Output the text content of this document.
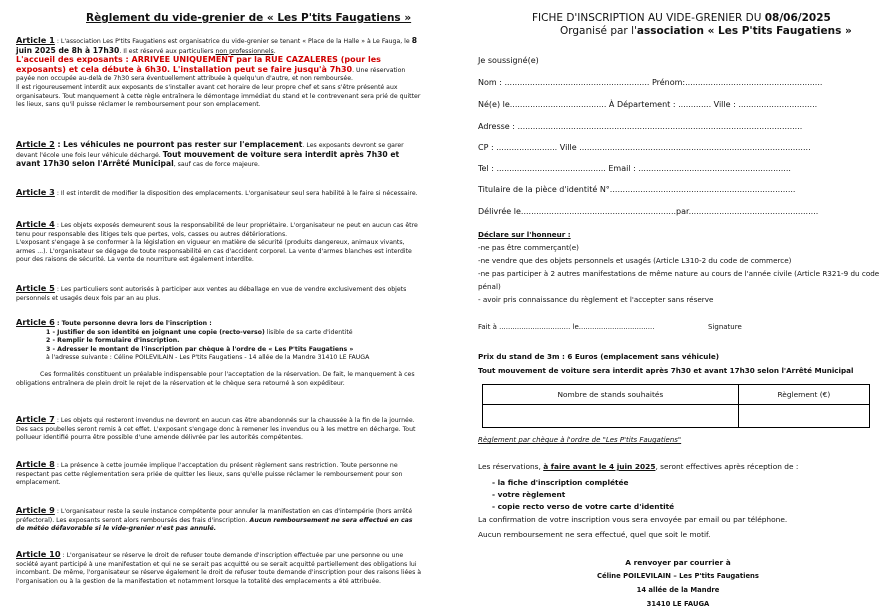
Règlement du vide-grenier de « Les P'tits Faugatiens »
Article 1 : L'association Les P'tits Faugatiens est organisatrice du vide-grenier se tenant « Place de la Halle » à Le Fauga, le 8 juin 2025 de 8h à 17h30. Il est réservé aux particuliers non professionnels.
L'accueil des exposants : ARRIVEE UNIQUEMENT par la RUE CAZALERES (pour les exposants) et cela débute à 6h30. L'installation peut se faire jusqu'à 7h30. Une réservation payée non occupée au-delà de 7h30 sera éventuellement attribuée à quelqu'un d'autre, et non remboursée.
Il est rigoureusement interdit aux exposants de s'installer avant cet horaire de leur propre chef et sans s'être présenté aux organisateurs. Tout manquement à cette règle entraînera le démontage immédiat du stand et le contrevenant sera prié de quitter les lieux, sans qu'il puisse réclamer le remboursement pour son emplacement.
Article 2 : Les véhicules ne pourront pas rester sur l'emplacement. Les exposants devront se garer devant l'école une fois leur véhicule déchargé. Tout mouvement de voiture sera interdit après 7h30 et avant 17h30 selon l'Arrêté Municipal, sauf cas de force majeure.
Article 3 : Il est interdit de modifier la disposition des emplacements. L'organisateur seul sera habilité à le faire si nécessaire.
Article 4 : Les objets exposés demeurent sous la responsabilité de leur propriétaire. L'organisateur ne peut en aucun cas être tenu pour responsable des litiges tels que pertes, vols, casses ou autres détériorations.
L'exposant s'engage à se conformer à la législation en vigueur en matière de sécurité (produits dangereux, animaux vivants, armes ...). L'organisateur se dégage de toute responsabilité en cas d'accident corporel. La vente d'armes blanches est interdite pour des raisons de sécurité. La vente de nourriture est également interdite.
Article 5 : Les particuliers sont autorisés à participer aux ventes au déballage en vue de vendre exclusivement des objets personnels et usagés deux fois par an au plus.
Article 6 : Toute personne devra lors de l'inscription :

1 - Justifier de son identité en joignant une copie (recto-verso) lisible de sa carte d'identité
2 - Remplir le formulaire d'inscription.
3 - Adresser le montant de l'inscription par chèque à l'ordre de « Les P'tits Faugatiens »
à l'adresse suivante : Céline POILEVILAIN - Les P'tits Faugatiens - 14 allée de la Mandre 31410 LE FAUGA
Ces formalités constituent un préalable indispensable pour l'acceptation de la réservation. De fait, le manquement à ces obligations entraînera de plein droit le rejet de la réservation et le chèque sera retourné à son expéditeur.
Article 7 : Les objets qui resteront invendus ne devront en aucun cas être abandonnés sur la chaussée à la fin de la journée. Des sacs poubelles seront remis à cet effet. L'exposant s'engage donc à remener les invendus ou à les mettre en décharge. Tout pollueur identifié pourra être possible d'une amende délivrée par les autorités compétentes.
Article 8 : La présence à cette journée implique l'acceptation du présent règlement sans restriction. Toute personne ne respectant pas cette réglementation sera priée de quitter les lieux, sans qu'elle puisse réclamer le remboursement pour son emplacement.
Article 9 : L'organisateur reste la seule instance compétente pour annuler la manifestation en cas d'intempérie (hors arrêté préfectoral). Les exposants seront alors remboursés des frais d'inscription. Aucun remboursement ne sera effectué en cas de météo défavorable si le vide-grenier n'est pas annulé.
Article 10 : L'organisateur se réserve le droit de refuser toute demande d'inscription effectuée par une personne ou une société ayant participé à une manifestation et qui ne se serait pas acquitté ou se serait acquitté partiellement des obligations lui incombant. De même, l'organisateur se réserve également le droit de refuser toute demande d'inscription pour des raisons liées à l'organisation ou à la gestion de la manifestation et notamment lorsque la totalité des emplacements a été attribuée.
FICHE D'INSCRIPTION AU VIDE-GRENIER DU 08/06/2025
Organisé par l'association « Les P'tits Faugatiens »
Je soussigné(e)
Nom : ......................................................... Prénom:......................................................
Né(e) le...................................... À Département : ............. Ville : ...............................
Adresse : ................................................................................................................
CP : ........................ Ville ...........................................................................................
Tel : ........................................... Email : ............................................................
Titulaire de la pièce d'identité N°.........................................................................
Délivrée le.............................................................par...................................................
Déclare sur l'honneur :
-ne pas être commerçant(e)
-ne vendre que des objets personnels et usagés (Article L310-2 du code de commerce)
-ne pas participer à 2 autres manifestations de même nature au cours de l'année civile (Article R321-9 du code pénal)
- avoir pris connaissance du règlement et l'accepter sans réserve
Fait à ................................ le..................................	Signature
Prix du stand de 3m : 6 Euros (emplacement sans véhicule)
Tout mouvement de voiture sera interdit après 7h30 et avant 17h30 selon l'Arrêté Municipal
Nombre de stands souhaités	Règlement (€)

Règlement par chèque à l'ordre de "Les P'tits Faugatiens"
Les réservations, à faire avant le 4 juin 2025, seront effectives après réception de :
- la fiche d'inscription complétée
- votre règlement
- copie recto verso de votre carte d'identité
La confirmation de votre inscription vous sera envoyée par email ou par téléphone.
Aucun remboursement ne sera effectué, quel que soit le motif.
A renvoyer par courrier à
Céline POILEVILAIN – Les P'tits Faugatiens
14 allée de la Mandre
31410 LE FAUGA
